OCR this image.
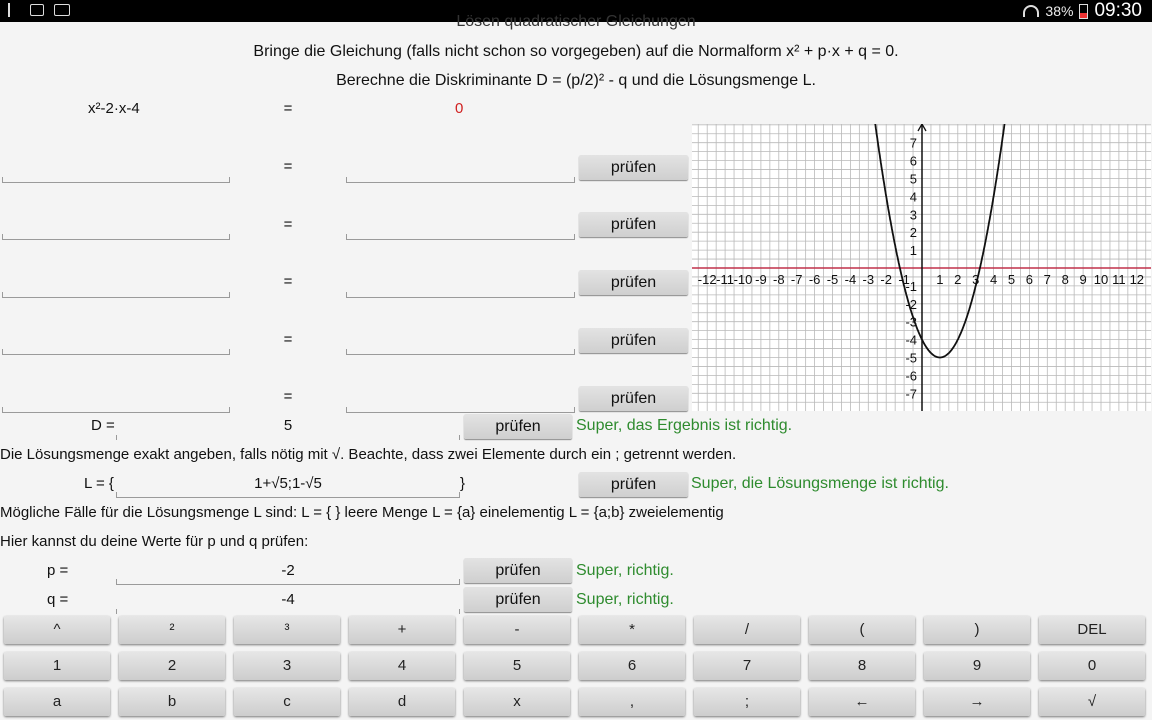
38% 09:30
Lösen quadratischer Gleichungen
Bringe die Gleichung (falls nicht schon so vorgegeben) auf die Normalform x² + p·x + q = 0.
Berechne die Diskriminante D = (p/2)² - q und die Lösungsmenge L.
x²-2·x-4	=	0
=	prüfen
=	prüfen
=	prüfen
=	prüfen
=	prüfen
D =	5	prüfen	Super, das Ergebnis ist richtig.
Die Lösungsmenge exakt angeben, falls nötig mit √. Beachte, dass zwei Elemente durch ein ; getrennt werden.
L = {	1+√5;1-√5	}	prüfen	Super, die Lösungsmenge ist richtig.
Mögliche Fälle für die Lösungsmenge L sind: L = { } leere Menge L = {a} einelementig L = {a;b} zweielementig
Hier kannst du deine Werte für p und q prüfen:
p =	-2	prüfen	Super, richtig.
q =	-4	prüfen	Super, richtig.
-12 -11 -10 -9 -8 -7 -6 -5 -4 -3 -2 -1 1 2 3 4 5 6 7 8 9 10 11 12
7
6
5
4
3
2
1
-1
-2
-3
-4
-5
-6
-7
^	²	³	+	-	*	/	(	)	DEL
1	2	3	4	5	6	7	8	9	0
a	b	c	d	x	,	;	←	→	√
